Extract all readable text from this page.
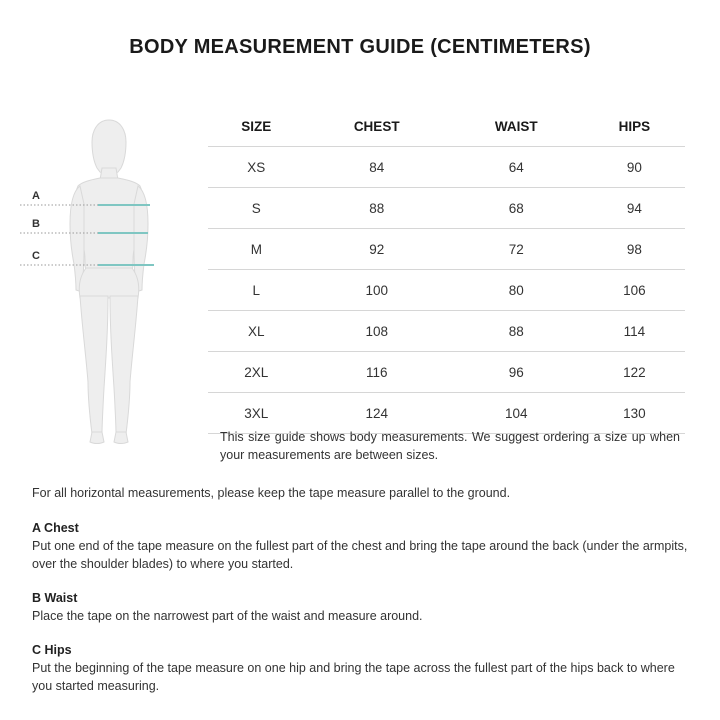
BODY MEASUREMENT GUIDE (CENTIMETERS)
A
B
C
SIZE	CHEST	WAIST	HIPS
XS	84	64	90
S	88	68	94
M	92	72	98
L	100	80	106
XL	108	88	114
2XL	116	96	122
3XL	124	104	130
This size guide shows body measurements. We suggest ordering a size up when your measurements are between sizes.

For all horizontal measurements, please keep the tape measure parallel to the ground.

A Chest

Put one end of the tape measure on the fullest part of the chest and bring the tape around the back (under the armpits, over the shoulder blades) to where you started.

B Waist

Place the tape on the narrowest part of the waist and measure around.

C Hips

Put the beginning of the tape measure on one hip and bring the tape across the fullest part of the hips back to where you started measuring.
